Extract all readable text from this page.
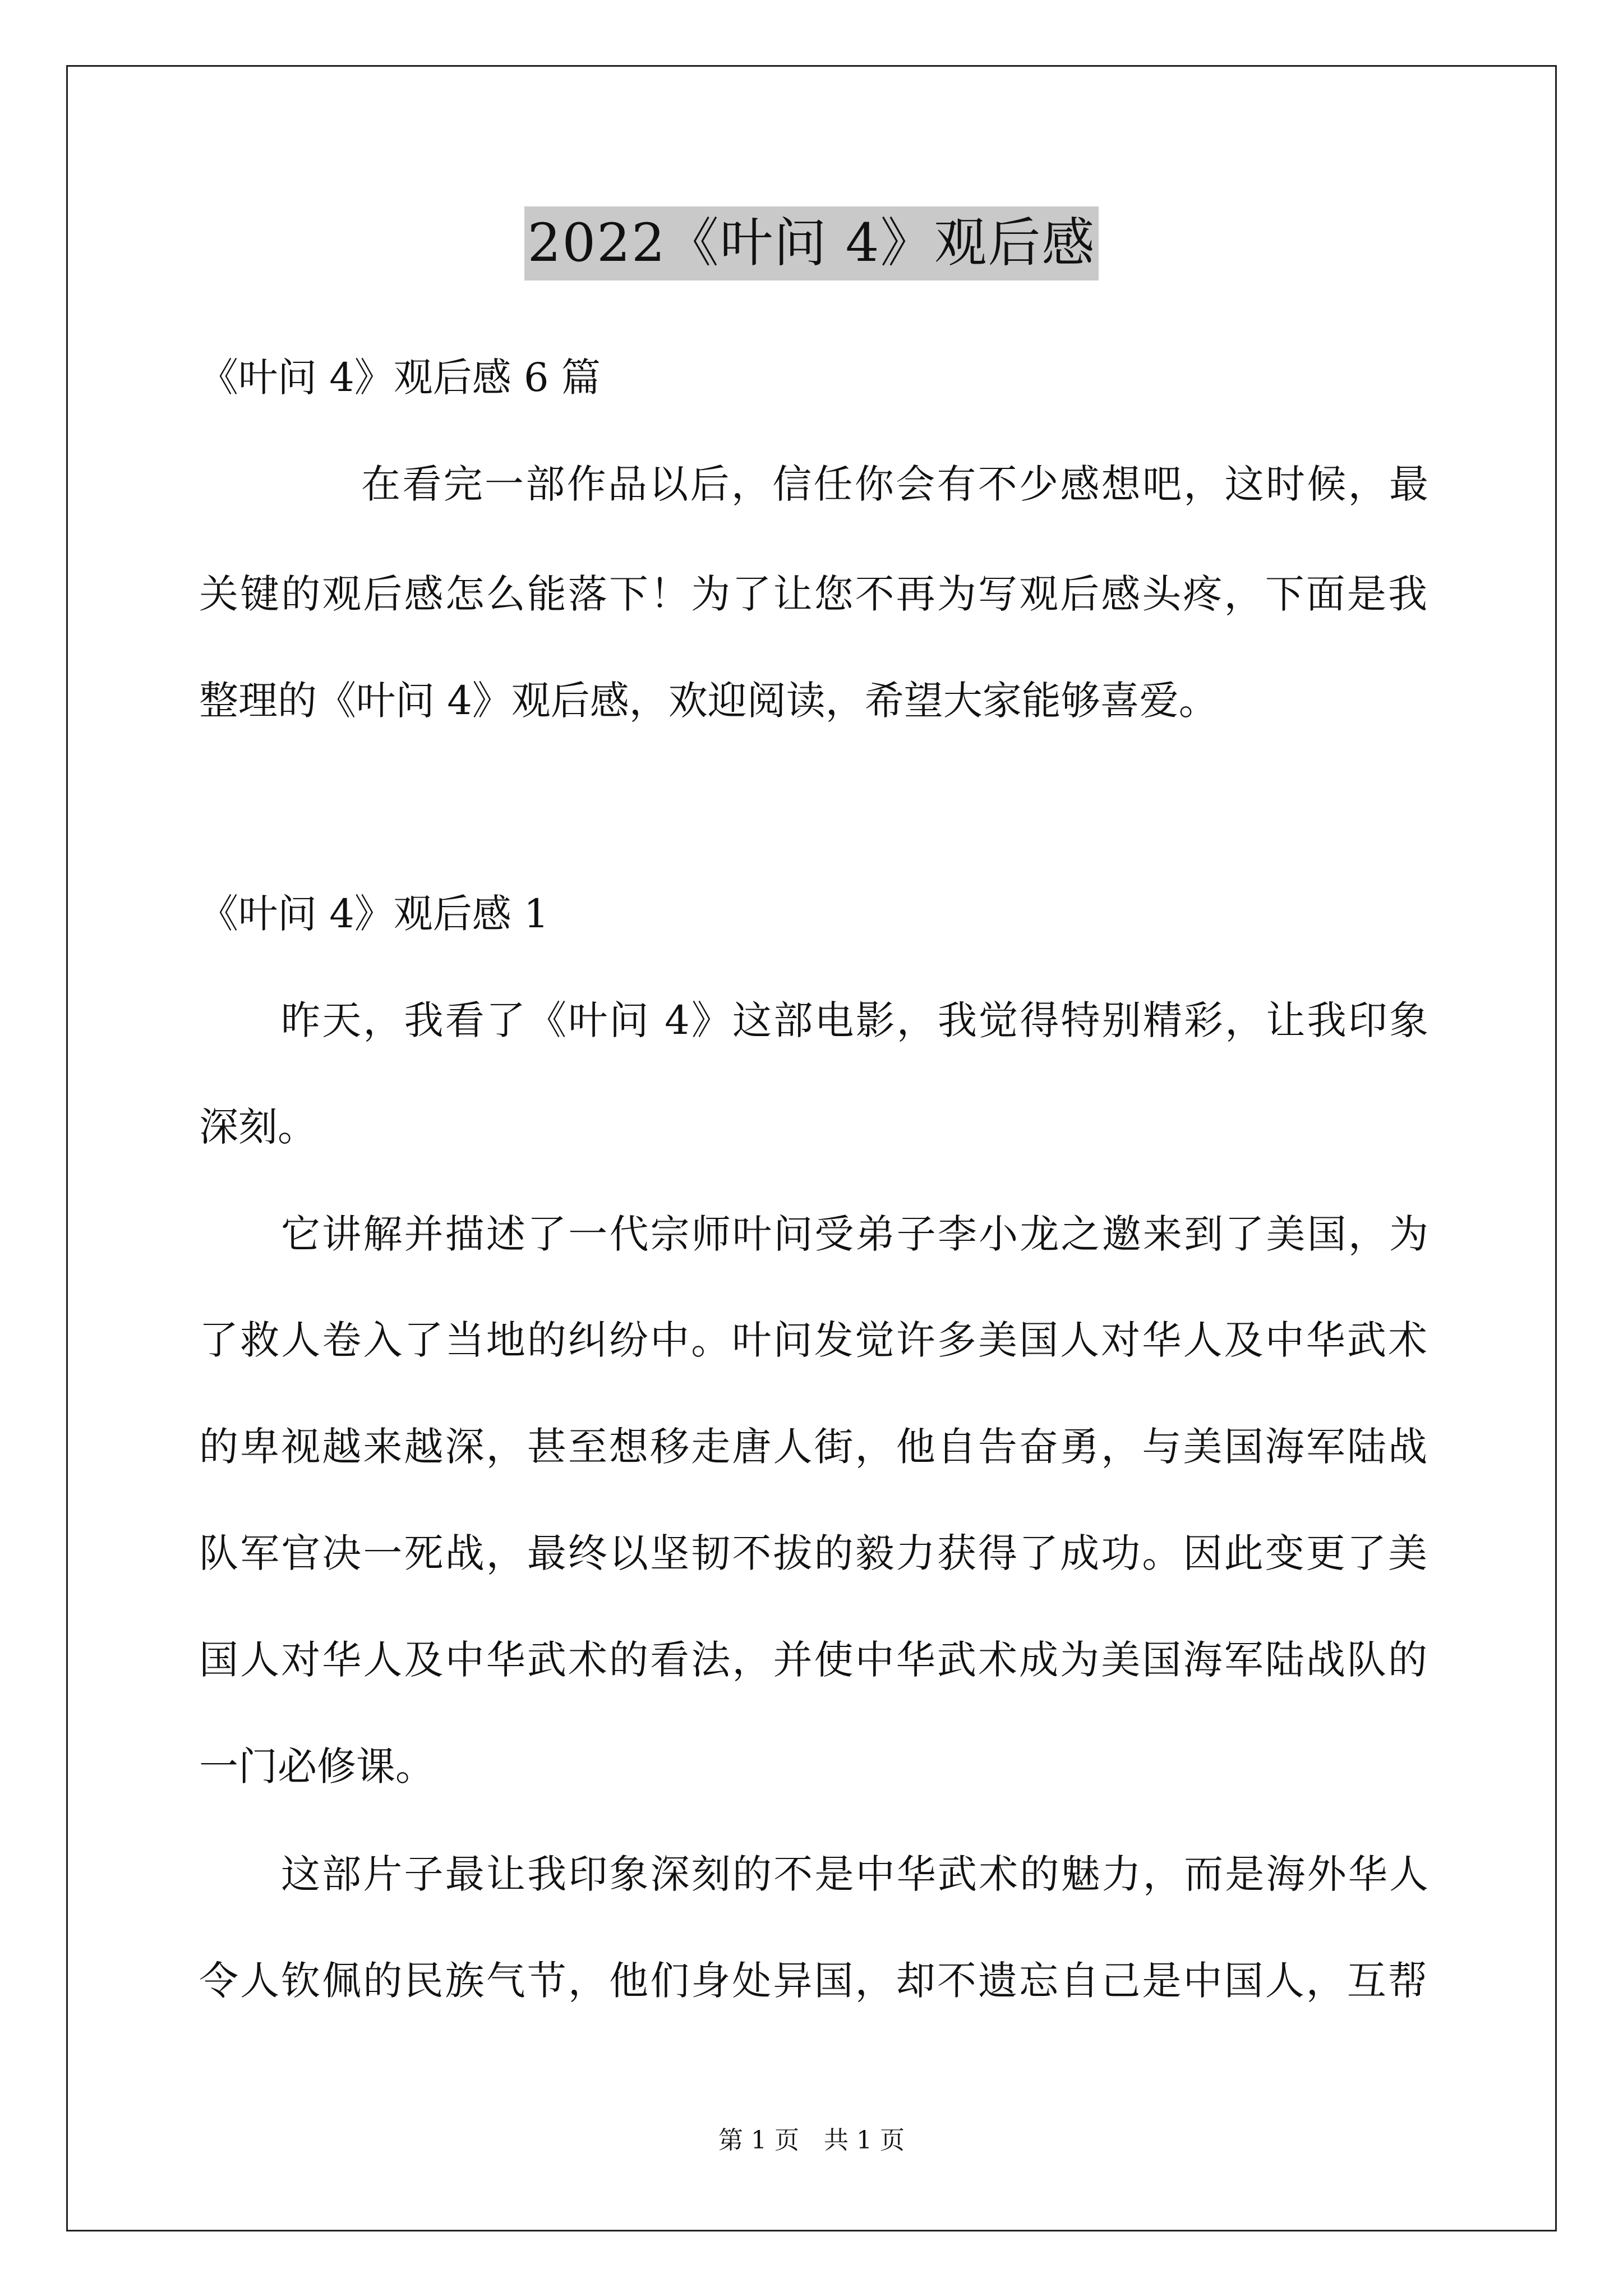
2022《叶问 4》观后感
《叶问 4》观后感 6 篇
在看完一部作品以后，信任你会有不少感想吧，这时候，最
关键的观后感怎么能落下！为了让您不再为写观后感头疼，下面是我
整理的《叶问 4》观后感，欢迎阅读，希望大家能够喜爱。
《叶问 4》观后感 1
昨天，我看了《叶问 4》这部电影，我觉得特别精彩，让我印象
深刻。
它讲解并描述了一代宗师叶问受弟子李小龙之邀来到了美国，为
了救人卷入了当地的纠纷中。叶问发觉许多美国人对华人及中华武术
的卑视越来越深，甚至想移走唐人街，他自告奋勇，与美国海军陆战
队军官决一死战，最终以坚韧不拔的毅力获得了成功。因此变更了美
国人对华人及中华武术的看法，并使中华武术成为美国海军陆战队的
一门必修课。
这部片子最让我印象深刻的不是中华武术的魅力，而是海外华人
令人钦佩的民族气节，他们身处异国，却不遗忘自己是中国人，互帮
第 1 页　共 1 页
